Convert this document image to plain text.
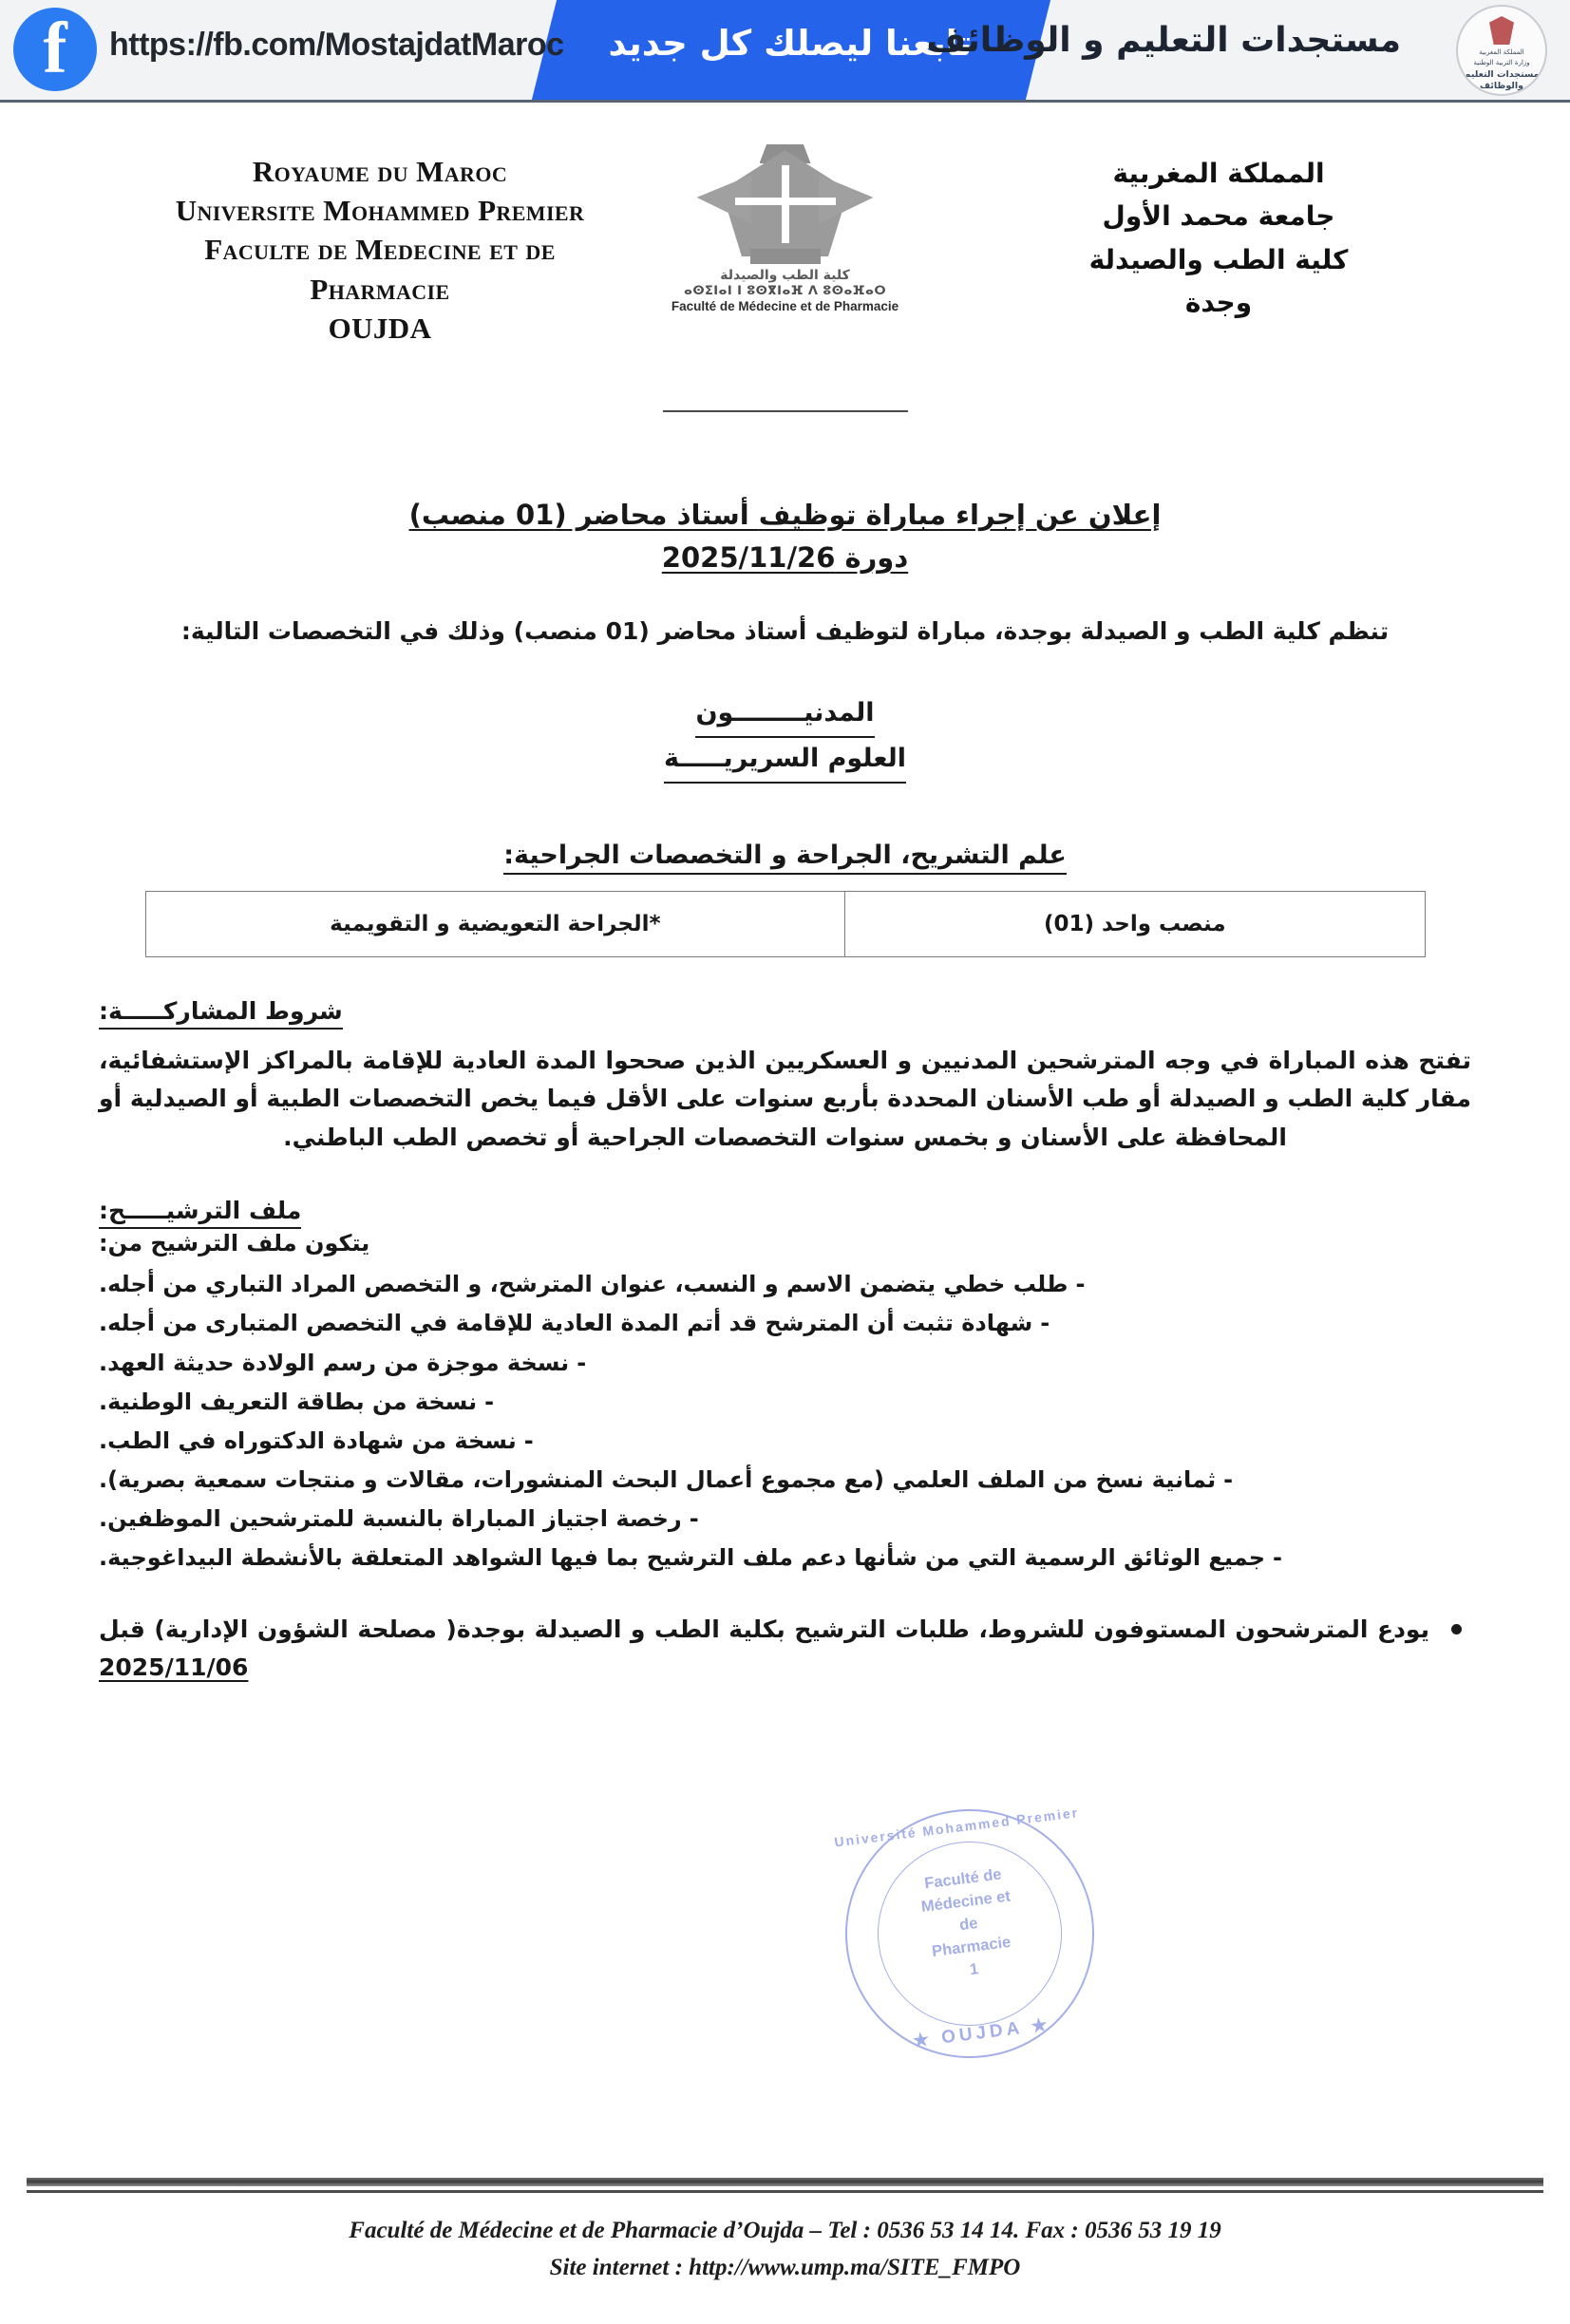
f https://fb.com/MostajdatMaroc	تابعنا ليصلك كل جديد
مستجدات التعليم و الوظائف	المملكة المغربية
وزارة التربية الوطنية
مستجدات التعليم
والوظائف
Royaume du Maroc
Universite Mohammed Premier
Faculte de Medecine et de
Pharmacie
OUJDA
كلية الطب والصيدلة
ⴰⵙⵉⵏⴰⵏ ⵏ ⵓⵙⴳⵏⴰⴼ ⴷ ⵓⵙⴰⴼⴰⵔ
Faculté de Médecine et de Pharmacie
المملكة المغربية
جامعة محمد الأول
كلية الطب والصيدلة
وجدة
إعلان عن إجراء مباراة توظيف أستاذ محاضر (01 منصب)
دورة 2025/11/26
تنظم كلية الطب و الصيدلة بوجدة، مباراة لتوظيف أستاذ محاضر (01 منصب) وذلك في التخصصات التالية:
المدنيــــــــون
العلوم السريريـــــة
علم التشريح، الجراحة و التخصصات الجراحية:
منصب واحد (01)	*الجراحة التعويضية و التقويمية
شروط المشاركـــــة:
تفتح هذه المباراة في وجه المترشحين المدنيين و العسكريين الذين صححوا المدة العادية للإقامة بالمراكز الإستشفائية، مقار كلية الطب و الصيدلة أو طب الأسنان المحددة بأربع سنوات على الأقل فيما يخص التخصصات الطبية أو الصيدلية أو المحافظة على الأسنان و بخمس سنوات التخصصات الجراحية أو تخصص الطب الباطني.
ملف الترشيـــــح:
يتكون ملف الترشيح من:
-طلب خطي يتضمن الاسم و النسب، عنوان المترشح، و التخصص المراد التباري من أجله.
-شهادة تثبت أن المترشح قد أتم المدة العادية للإقامة في التخصص المتبارى من أجله.
-نسخة موجزة من رسم الولادة حديثة العهد.
-نسخة من بطاقة التعريف الوطنية.
-نسخة من شهادة الدكتوراه في الطب.
-ثمانية نسخ من الملف العلمي (مع مجموع أعمال البحث المنشورات، مقالات و منتجات سمعية بصرية).
-رخصة اجتياز المباراة بالنسبة للمترشحين الموظفين.
-جميع الوثائق الرسمية التي من شأنها دعم ملف الترشيح بما فيها الشواهد المتعلقة بالأنشطة البيداغوجية.
يودع المترشحون المستوفون للشروط، طلبات الترشيح بكلية الطب و الصيدلة بوجدة( مصلحة الشؤون الإدارية) قبل 2025/11/06
Université Mohammed Premier
Faculté de
Médecine et
de
Pharmacie
1
★ OUJDA ★
Faculté de Médecine et de Pharmacie d’Oujda – Tel : 0536 53 14 14. Fax : 0536 53 19 19
Site internet : http://www.ump.ma/SITE_FMPO
